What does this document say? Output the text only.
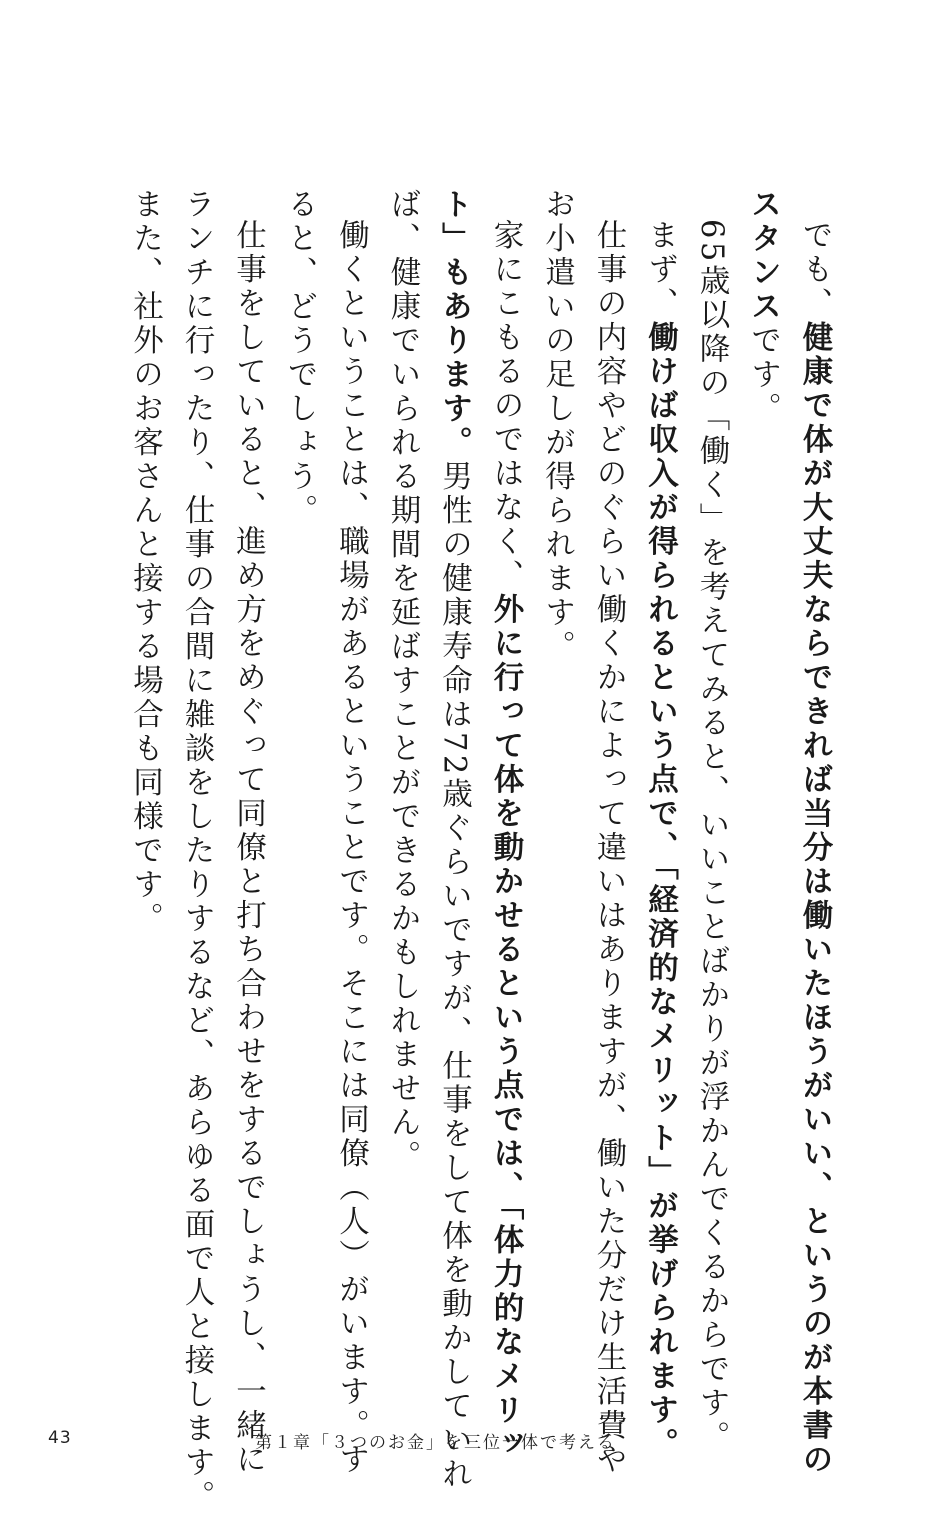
でも、健康で体が大丈夫ならできれば当分は働いたほうがいい、というのが本書の
スタンスです。
65歳以降の「働く」を考えてみると、いいことばかりが浮かんでくるからです。
まず、働けば収入が得られるという点で、「経済的なメリット」が挙げられます。
仕事の内容やどのぐらい働くかによって違いはありますが、働いた分だけ生活費や
お小遣いの足しが得られます。
家にこもるのではなく、外に行って体を動かせるという点では、「体力的なメリッ
ト」もあります。男性の健康寿命は72歳ぐらいですが、仕事をして体を動かしていれ
ば、健康でいられる期間を延ばすことができるかもしれません。
働くということは、職場があるということです。そこには同僚（人）がいます。す
ると、どうでしょう。
仕事をしていると、進め方をめぐって同僚と打ち合わせをするでしょうし、一緒に
ランチに行ったり、仕事の合間に雑談をしたりするなど、あらゆる面で人と接します。
また、社外のお客さんと接する場合も同様です。
43	第１章「３つのお金」を三位一体で考える
